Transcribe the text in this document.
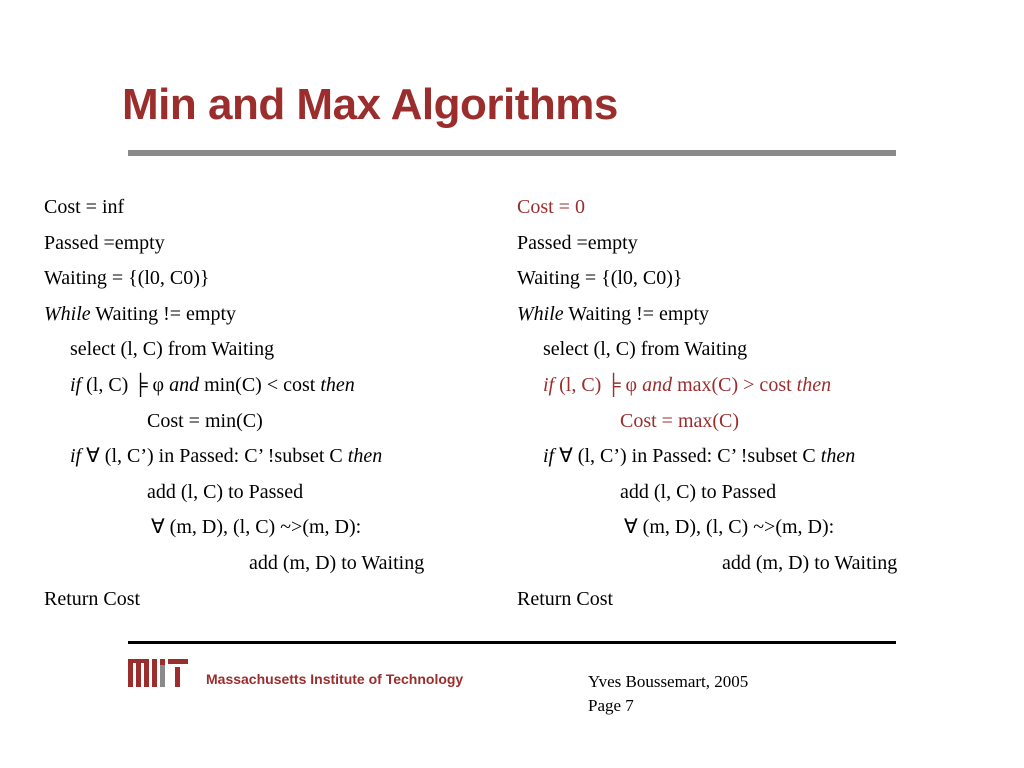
Min and Max Algorithms
Cost = inf
Passed =empty
Waiting = {(l0, C0)}
While Waiting != empty
select (l, C) from Waiting
if (l, C) ╞ φ and min(C) < cost then
Cost = min(C)
if ∀ (l, C’) in Passed: C’ !subset C then
add (l, C) to Passed
∀ (m, D), (l, C) ~>(m, D):
add (m, D) to Waiting
Return Cost
Cost = 0
Passed =empty
Waiting = {(l0, C0)}
While Waiting != empty
select (l, C) from Waiting
if (l, C) ╞ φ and max(C) > cost then
Cost = max(C)
if ∀ (l, C’) in Passed: C’ !subset C then
add (l, C) to Passed
∀ (m, D), (l, C) ~>(m, D):
add (m, D) to Waiting
Return Cost
Massachusetts Institute of Technology	Yves Boussemart, 2005
Page 7
